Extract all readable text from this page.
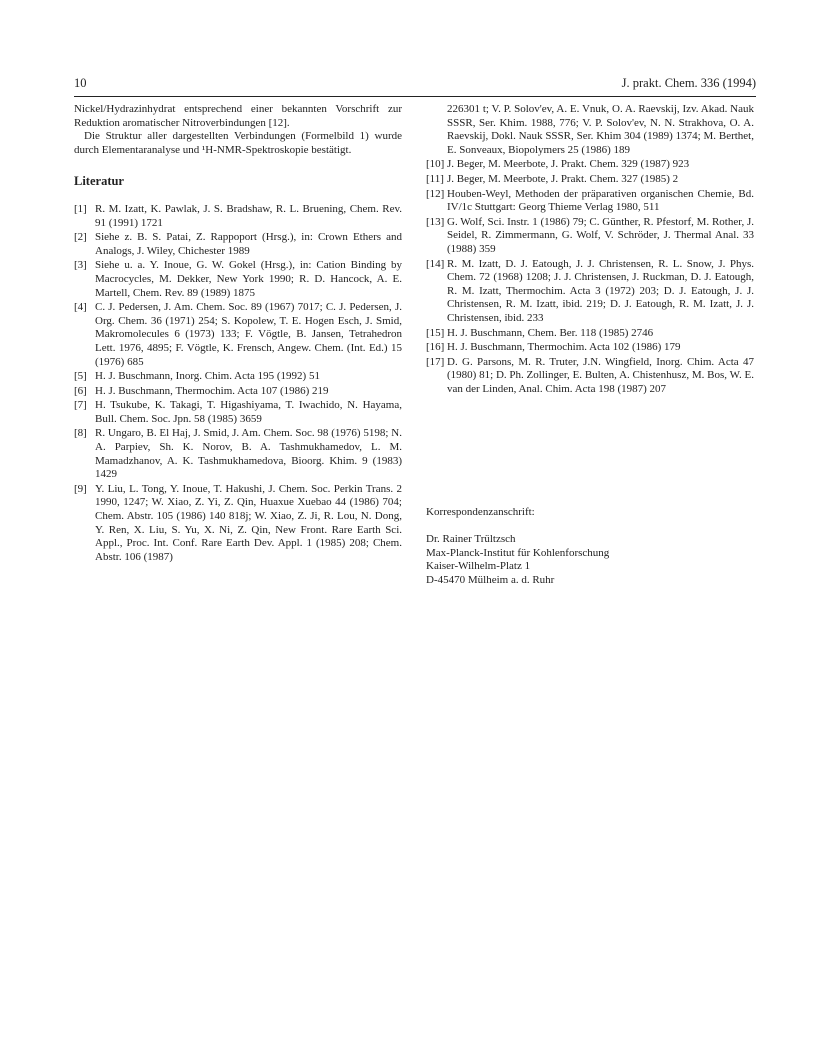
10	J. prakt. Chem. 336 (1994)

Nickel/Hydrazinhydrat entsprechend einer bekannten Vorschrift zur Reduktion aromatischer Nitroverbindungen [12].

Die Struktur aller dargestellten Verbindungen (Formelbild 1) wurde durch Elementaranalyse und ¹H-NMR-Spektroskopie bestätigt.

Literatur
[1] R. M. Izatt, K. Pawlak, J. S. Bradshaw, R. L. Bruening, Chem. Rev. 91 (1991) 1721
[2] Siehe z. B. S. Patai, Z. Rappoport (Hrsg.), in: Crown Ethers and Analogs, J. Wiley, Chichester 1989
[3] Siehe u. a. Y. Inoue, G. W. Gokel (Hrsg.), in: Cation Binding by Macrocycles, M. Dekker, New York 1990; R. D. Hancock, A. E. Martell, Chem. Rev. 89 (1989) 1875
[4] C. J. Pedersen, J. Am. Chem. Soc. 89 (1967) 7017; C. J. Pedersen, J. Org. Chem. 36 (1971) 254; S. Kopolew, T. E. Hogen Esch, J. Smid, Makromolecules 6 (1973) 133; F. Vögtle, B. Jansen, Tetrahedron Lett. 1976, 4895; F. Vögtle, K. Frensch, Angew. Chem. (Int. Ed.) 15 (1976) 685
[5] H. J. Buschmann, Inorg. Chim. Acta 195 (1992) 51
[6] H. J. Buschmann, Thermochim. Acta 107 (1986) 219
[7] H. Tsukube, K. Takagi, T. Higashiyama, T. Iwachido, N. Hayama, Bull. Chem. Soc. Jpn. 58 (1985) 3659
[8] R. Ungaro, B. El Haj, J. Smid, J. Am. Chem. Soc. 98 (1976) 5198; N. A. Parpiev, Sh. K. Norov, B. A. Tashmukhamedov, L. M. Mamadzhanov, A. K. Tashmukhamedova, Bioorg. Khim. 9 (1983) 1429
[9] Y. Liu, L. Tong, Y. Inoue, T. Hakushi, J. Chem. Soc. Perkin Trans. 2 1990, 1247; W. Xiao, Z. Yi, Z. Qin, Huaxue Xuebao 44 (1986) 704; Chem. Abstr. 105 (1986) 140 818j; W. Xiao, Z. Ji, R. Lou, N. Dong, Y. Ren, X. Liu, S. Yu, X. Ni, Z. Qin, New Front. Rare Earth Sci. Appl., Proc. Int. Conf. Rare Earth Dev. Appl. 1 (1985) 208; Chem. Abstr. 106 (1987)
226301 t; V. P. Solov'ev, A. E. Vnuk, O. A. Raevskij, Izv. Akad. Nauk SSSR, Ser. Khim. 1988, 776; V. P. Solov'ev, N. N. Strakhova, O. A. Raevskij, Dokl. Nauk SSSR, Ser. Khim 304 (1989) 1374; M. Berthet, E. Sonveaux, Biopolymers 25 (1986) 189
[10] J. Beger, M. Meerbote, J. Prakt. Chem. 329 (1987) 923
[11] J. Beger, M. Meerbote, J. Prakt. Chem. 327 (1985) 2
[12] Houben-Weyl, Methoden der präparativen organischen Chemie, Bd. IV/1c Stuttgart: Georg Thieme Verlag 1980, 511
[13] G. Wolf, Sci. Instr. 1 (1986) 79; C. Günther, R. Pfestorf, M. Rother, J. Seidel, R. Zimmermann, G. Wolf, V. Schröder, J. Thermal Anal. 33 (1988) 359
[14] R. M. Izatt, D. J. Eatough, J. J. Christensen, R. L. Snow, J. Phys. Chem. 72 (1968) 1208; J. J. Christensen, J. Ruckman, D. J. Eatough, R. M. Izatt, Thermochim. Acta 3 (1972) 203; D. J. Eatough, J. J. Christensen, R. M. Izatt, ibid. 219; D. J. Eatough, R. M. Izatt, J. J. Christensen, ibid. 233
[15] H. J. Buschmann, Chem. Ber. 118 (1985) 2746
[16] H. J. Buschmann, Thermochim. Acta 102 (1986) 179
[17] D. G. Parsons, M. R. Truter, J.N. Wingfield, Inorg. Chim. Acta 47 (1980) 81; D. Ph. Zollinger, E. Bulten, A. Chistenhusz, M. Bos, W. E. van der Linden, Anal. Chim. Acta 198 (1987) 207

Korrespondenzanschrift:

Dr. Rainer Trültzsch
Max-Planck-Institut für Kohlenforschung
Kaiser-Wilhelm-Platz 1
D-45470 Mülheim a. d. Ruhr
